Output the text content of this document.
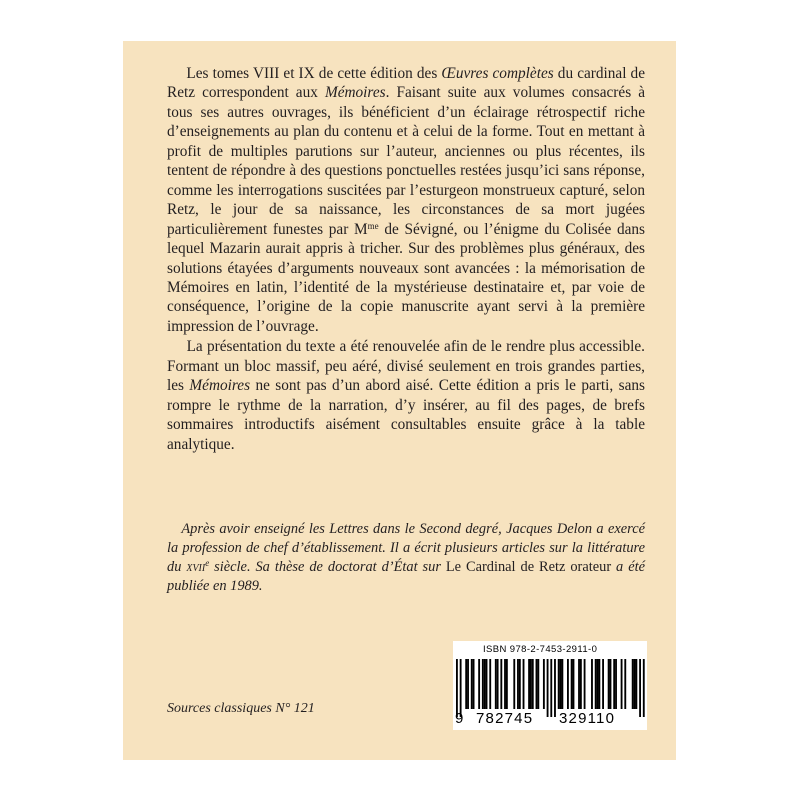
  Les tomes VIII et IX de cette édition des Œuvres complètes du cardinal de Retz correspondent aux Mémoires. Faisant suite aux volumes consacrés à tous ses autres ouvrages, ils bénéficient d’un éclairage rétrospectif riche d’enseignements au plan du contenu et à celui de la forme. Tout en mettant à profit de multiples parutions sur l’auteur, anciennes ou plus récentes, ils tentent de répondre à des questions ponctuelles restées jusqu’ici sans réponse, comme les interrogations suscitées par l’esturgeon monstrueux capturé, selon Retz, le jour de sa naissance, les circonstances de sa mort jugées particulièrement funestes par $M^{me}$ de Sévigné, ou l’énigme du Colisée dans lequel Mazarin aurait appris à tricher. Sur des problèmes plus généraux, des solutions étayées d’arguments nouveaux sont avancées : la mémorisation de Mémoires en latin, l’identité de la mystérieuse destinataire et, par voie de conséquence, l’origine de la copie manuscrite ayant servi à la première impression de l’ouvrage.

  La présentation du texte a été renouvelée afin de le rendre plus accessible. Formant un bloc massif, peu aéré, divisé seulement en trois grandes parties, les Mémoires ne sont pas d’un abord aisé. Cette édition a pris le parti, sans rompre le rythme de la narration, d’y insérer, au fil des pages, de brefs sommaires introductifs aisément consultables ensuite grâce à la table analytique.

 Après avoir enseigné les Lettres dans le Second degré, Jacques Delon a exercé la profession de chef d’établissement. Il a écrit plusieurs articles sur la littérature du xvii$^e$ siècle. Sa thèse de doctorat d’État sur Le Cardinal de Retz orateur a été publiée en 1989.

Sources classiques N° 121
ISBN 978-2-7453-2911-0
9 782745 329110
